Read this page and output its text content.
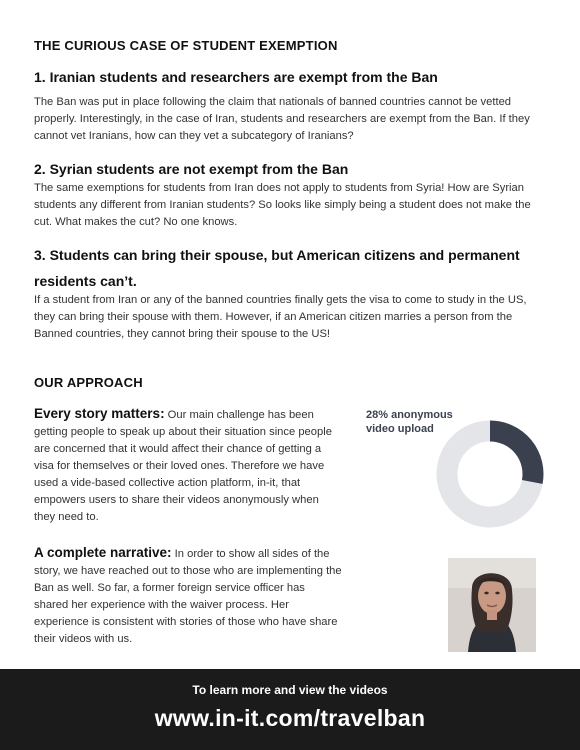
THE CURIOUS CASE OF STUDENT EXEMPTION
1. Iranian students and researchers are exempt from the Ban

The Ban was put in place following the claim that nationals of banned countries cannot be vetted properly. Interestingly, in the case of Iran, students and researchers are exempt from the Ban. If they cannot vet Iranians, how can they vet a subcategory of Iranians?

2. Syrian students are not exempt from the Ban

The same exemptions for students from Iran does not apply to students from Syria! How are Syrian students any different from Iranian students? So looks like simply being a student does not make the cut. What makes the cut? No one knows.

3. Students can bring their spouse, but American citizens and permanent residents can’t.

If a student from Iran or any of the banned countries finally gets the visa to come to study in the US, they can bring their spouse with them. However, if an American citizen marries a person from the Banned countries, they cannot bring their spouse to the US!

OUR APPROACH

Every story matters: Our main challenge has been getting people to speak up about their situation since people are concerned that it would affect their chance of getting a visa for themselves or their loved ones. Therefore we have used a vide-based collective action platform, in-it, that empowers users to share their videos anonymously when they need to.

A complete narrative: In order to show all sides of the story, we have reached out to those who are implementing the Ban as well. So far, a former foreign service officer has shared her experience with the waiver process. Her experience is consistent with stories of those who have share their videos with us.

28% anonymous video upload
To learn more and view the videos
www.in-it.com/travelban
